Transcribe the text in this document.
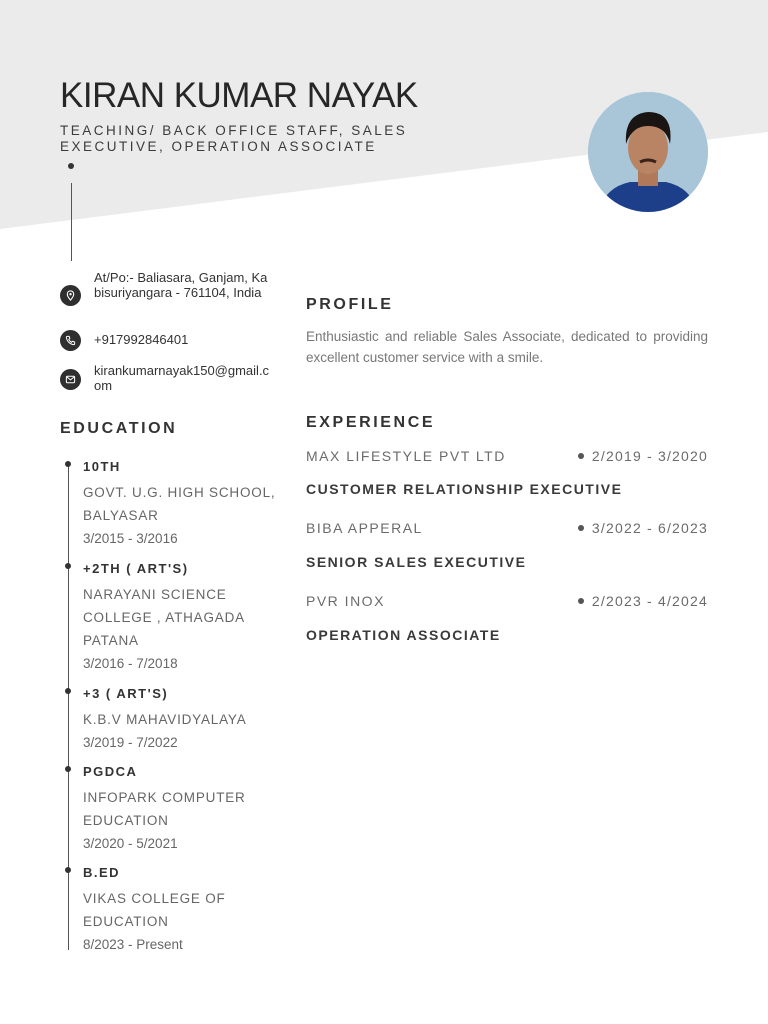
KIRAN KUMAR NAYAK
TEACHING/ BACK OFFICE STAFF, SALES EXECUTIVE, OPERATION ASSOCIATE
At/Po:- Baliasara, Ganjam, Kabisuriyangara - 761104, India
+917992846401
kirankumarnayak150@gmail.com
EDUCATION
10TH
GOVT. U.G. HIGH SCHOOL, BALYASAR
3/2015 - 3/2016
+2TH ( ART'S)
NARAYANI SCIENCE COLLEGE , ATHAGADA PATANA
3/2016 - 7/2018
+3 ( ART'S)
K.B.V MAHAVIDYALAYA
3/2019 - 7/2022
PGDCA
INFOPARK COMPUTER EDUCATION
3/2020 - 5/2021
B.ED
VIKAS COLLEGE OF EDUCATION
8/2023 - Present
PROFILE

Enthusiastic and reliable Sales Associate, dedicated to providing excellent customer service with a smile.

EXPERIENCE
MAX LIFESTYLE PVT LTD	2/2019 - 3/2020
CUSTOMER RELATIONSHIP EXECUTIVE
BIBA APPERAL	3/2022 - 6/2023
SENIOR SALES EXECUTIVE
PVR INOX	2/2023 - 4/2024
OPERATION ASSOCIATE
